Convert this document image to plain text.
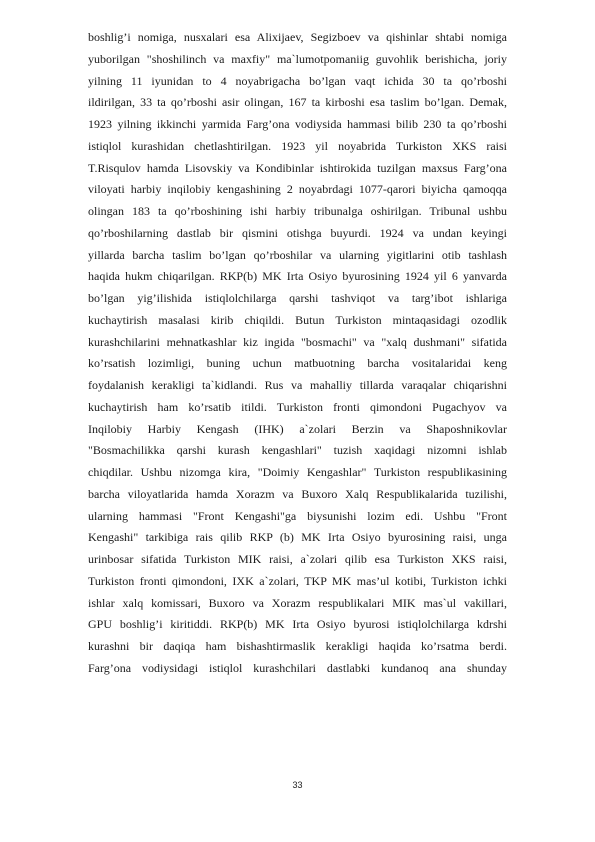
boshlig’i nomiga, nusxalari esa Alixijaev, Segizboev va qishinlar shtabi nomiga
yuborilgan "shoshilinch va maxfiy" ma`lumotpomaniig guvohlik berishicha, joriy
yilning 11 iyunidan to 4 noyabrigacha bo’lgan vaqt ichida 30 ta qo’rboshi
ildirilgan, 33 ta qo’rboshi asir olingan, 167 ta kirboshi esa taslim bo’lgan. Demak,
1923 yilning ikkinchi yarmida Farg’ona vodiysida hammasi bilib 230 ta qo’rboshi
istiqlol kurashidan chetlashtirilgan. 1923 yil noyabrida Turkiston XKS raisi
T.Risqulov hamda Lisovskiy va Kondibinlar ishtirokida tuzilgan maxsus Farg’ona
viloyati harbiy inqilobiy kengashining 2 noyabrdagi 1077-qarori biyicha qamoqqa
olingan 183 ta qo’rboshining ishi harbiy tribunalga oshirilgan. Tribunal ushbu
qo’rboshilarning dastlab bir qismini otishga buyurdi. 1924 va undan keyingi
yillarda barcha taslim bo’lgan qo’rboshilar va ularning yigitlarini otib tashlash
haqida hukm chiqarilgan. RKP(b) MK Irta Osiyo byurosining 1924 yil 6 yanvarda
bo’lgan yig’ilishida istiqlolchilarga qarshi tashviqot va targ’ibot ishlariga
kuchaytirish masalasi kirib chiqildi. Butun Turkiston mintaqasidagi ozodlik
kurashchilarini mehnatkashlar kiz ingida "bosmachi" va "xalq dushmani" sifatida
ko’rsatish lozimligi, buning uchun matbuotning barcha vositalaridai keng
foydalanish kerakligi ta`kidlandi. Rus va mahalliy tillarda varaqalar chiqarishni
kuchaytirish ham ko’rsatib itildi. Turkiston fronti qimondoni Pugachyov va
Inqilobiy Harbiy Kengash (IHK) a`zolari Berzin va Shaposhnikovlar
"Bosmachilikka qarshi kurash kengashlari" tuzish xaqidagi nizomni ishlab
chiqdilar. Ushbu nizomga kira, "Doimiy Kengashlar" Turkiston respublikasining
barcha viloyatlarida hamda Xorazm va Buxoro Xalq Respublikalarida tuzilishi,
ularning hammasi "Front Kengashi"ga biysunishi lozim edi. Ushbu "Front
Kengashi" tarkibiga rais qilib RKP (b) MK Irta Osiyo byurosining raisi, unga
urinbosar sifatida Turkiston MIK raisi, a`zolari qilib esa Turkiston XKS raisi,
Turkiston fronti qimondoni, IXK a`zolari, TKP MK mas’ul kotibi, Turkiston ichki
ishlar xalq komissari, Buxoro va Xorazm respublikalari MIK mas`ul vakillari,
GPU boshlig’i kiritiddi. RKP(b) MK Irta Osiyo byurosi istiqlolchilarga kdrshi
kurashni bir daqiqa ham bishashtirmaslik kerakligi haqida ko’rsatma berdi.
Farg’ona vodiysidagi istiqlol kurashchilari dastlabki kundanoq ana shunday
33
